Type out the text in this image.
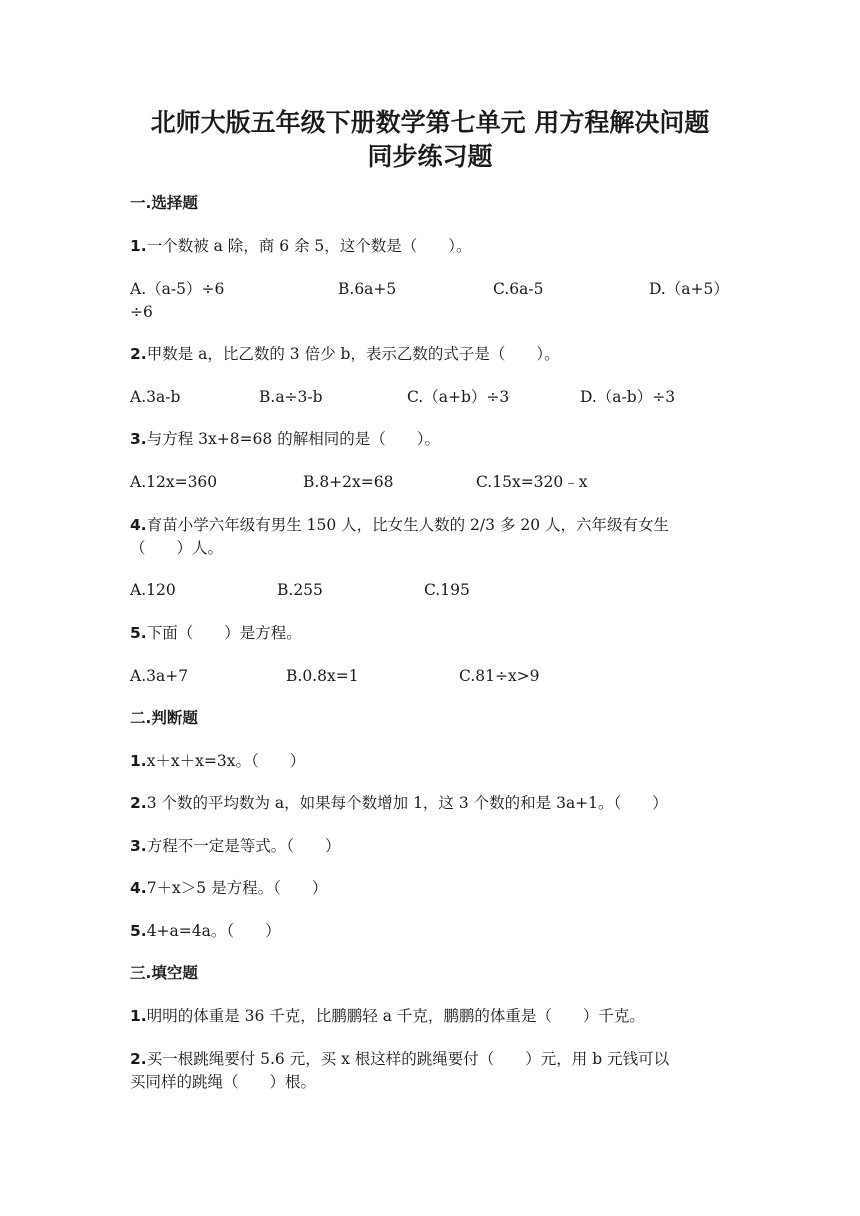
北师大版五年级下册数学第七单元 用方程解决问题
同步练习题
一.选择题
1.一个数被 a 除，商 6 余 5，这个数是（　　）。
A.（a-5）÷6	B.6a+5	C.6a-5	D.（a+5）
÷6
2.甲数是 a，比乙数的 3 倍少 b，表示乙数的式子是（　　）。
A.3a-b	B.a÷3-b	C.（a+b）÷3	D.（a-b）÷3
3.与方程 3x+8=68 的解相同的是（　　）。
A.12x=360	B.8+2x=68	C.15x=320﹣x
4.育苗小学六年级有男生 150 人，比女生人数的 2/3 多 20 人，六年级有女生
（　　）人。
A.120	B.255	C.195
5.下面（　　）是方程。
A.3a+7	B.0.8x=1	C.81÷x>9
二.判断题
1.x＋x＋x=3x。（　　）
2.3 个数的平均数为 a，如果每个数增加 1，这 3 个数的和是 3a+1。（　　）
3.方程不一定是等式。（　　）
4.7＋x＞5 是方程。（　　）
5.4+a=4a。（　　）
三.填空题
1.明明的体重是 36 千克，比鹏鹏轻 a 千克，鹏鹏的体重是（　　）千克。
2.买一根跳绳要付 5.6 元，买 x 根这样的跳绳要付（　　）元，用 b 元钱可以
买同样的跳绳（　　）根。
